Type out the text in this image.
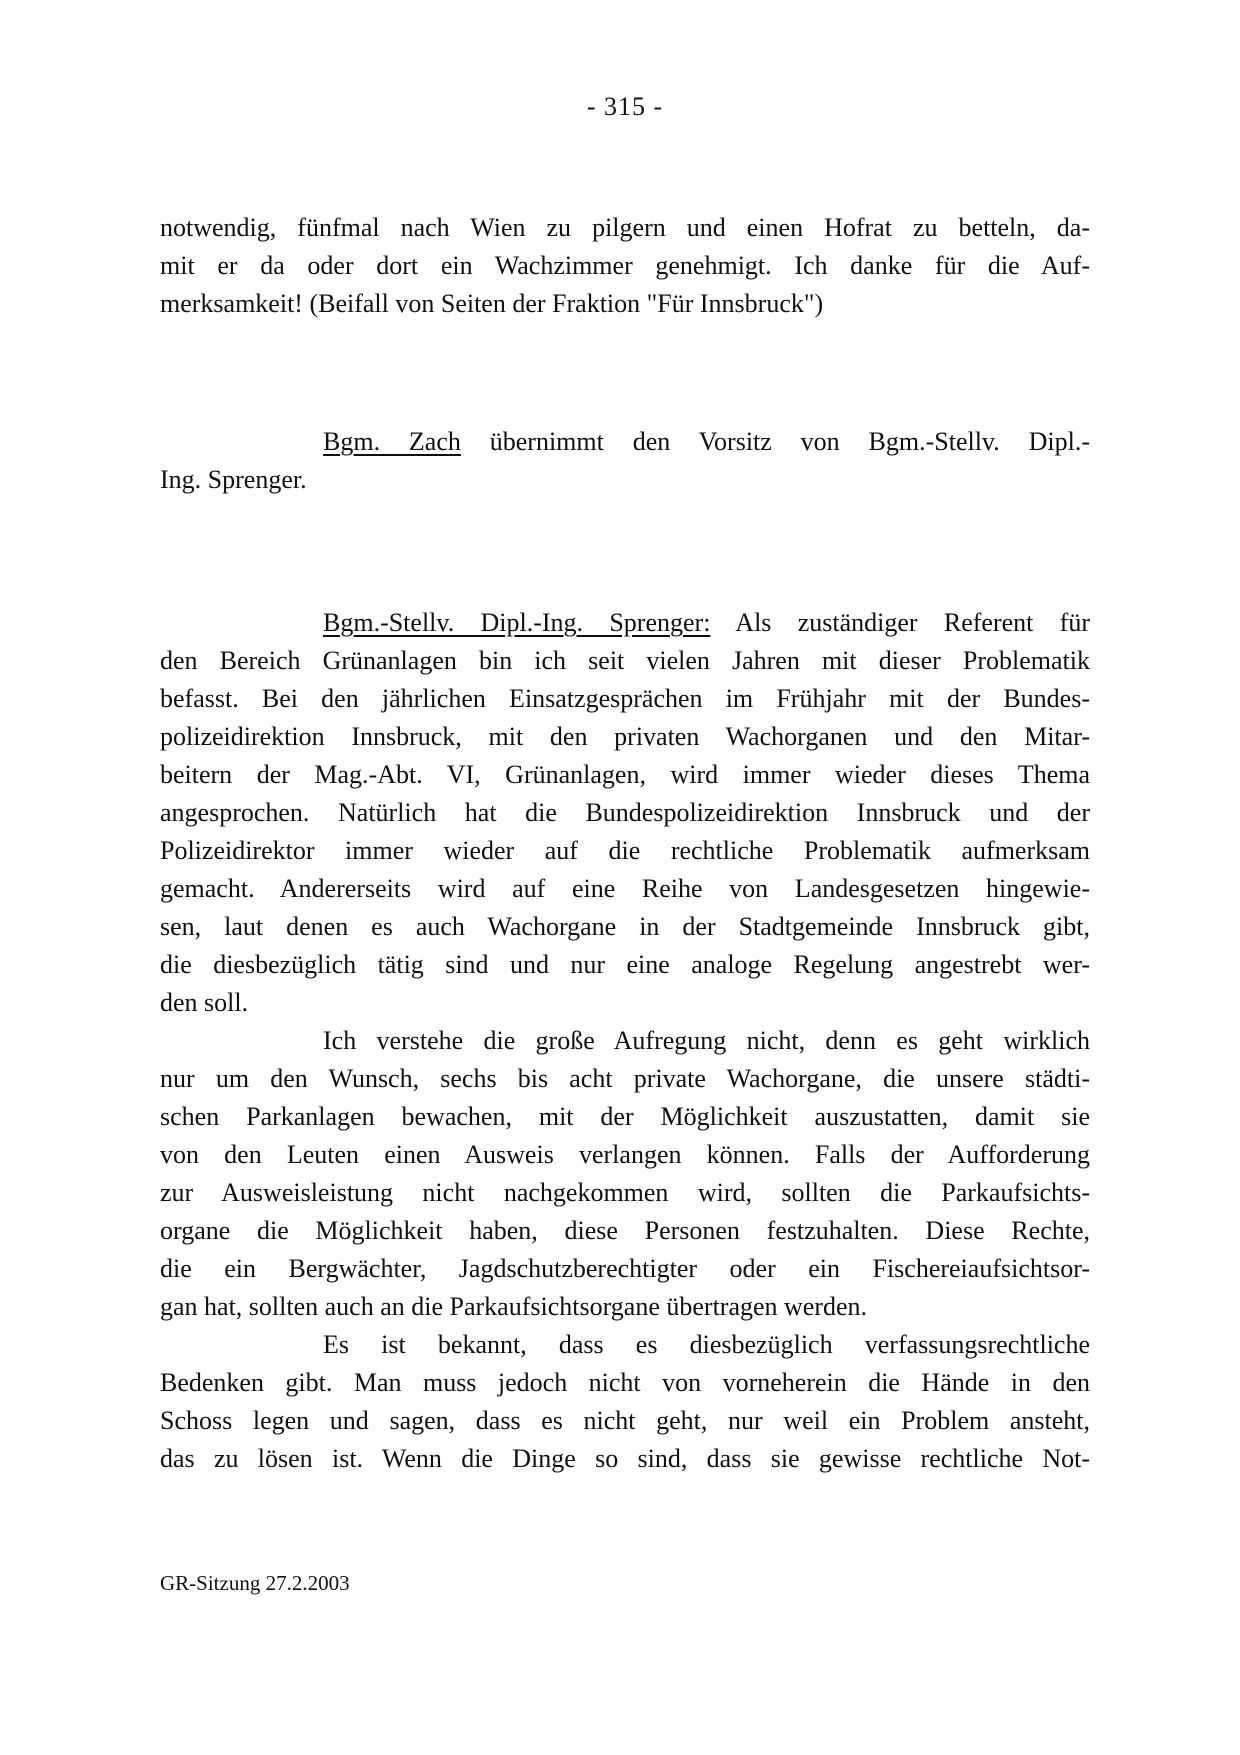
- 315 -
notwendig, fünfmal nach Wien zu pilgern und einen Hofrat zu betteln, da-
mit er da oder dort ein Wachzimmer genehmigt. Ich danke für die Auf-
merksamkeit! (Beifall von Seiten der Fraktion "Für Innsbruck")
Bgm. Zach übernimmt den Vorsitz von Bgm.-Stellv. Dipl.-
Ing. Sprenger.
Bgm.-Stellv. Dipl.-Ing. Sprenger: Als zuständiger Referent für
den Bereich Grünanlagen bin ich seit vielen Jahren mit dieser Problematik
befasst. Bei den jährlichen Einsatzgesprächen im Frühjahr mit der Bundes-
polizeidirektion Innsbruck, mit den privaten Wachorganen und den Mitar-
beitern der Mag.-Abt. VI, Grünanlagen, wird immer wieder dieses Thema
angesprochen. Natürlich hat die Bundespolizeidirektion Innsbruck und der
Polizeidirektor immer wieder auf die rechtliche Problematik aufmerksam
gemacht. Andererseits wird auf eine Reihe von Landesgesetzen hingewie-
sen, laut denen es auch Wachorgane in der Stadtgemeinde Innsbruck gibt,
die diesbezüglich tätig sind und nur eine analoge Regelung angestrebt wer-
den soll.
Ich verstehe die große Aufregung nicht, denn es geht wirklich
nur um den Wunsch, sechs bis acht private Wachorgane, die unsere städti-
schen Parkanlagen bewachen, mit der Möglichkeit auszustatten, damit sie
von den Leuten einen Ausweis verlangen können. Falls der Aufforderung
zur Ausweisleistung nicht nachgekommen wird, sollten die Parkaufsichts-
organe die Möglichkeit haben, diese Personen festzuhalten. Diese Rechte,
die ein Bergwächter, Jagdschutzberechtigter oder ein Fischereiaufsichtsor-
gan hat, sollten auch an die Parkaufsichtsorgane übertragen werden.
Es ist bekannt, dass es diesbezüglich verfassungsrechtliche
Bedenken gibt. Man muss jedoch nicht von vorneherein die Hände in den
Schoss legen und sagen, dass es nicht geht, nur weil ein Problem ansteht,
das zu lösen ist. Wenn die Dinge so sind, dass sie gewisse rechtliche Not-
GR-Sitzung 27.2.2003
